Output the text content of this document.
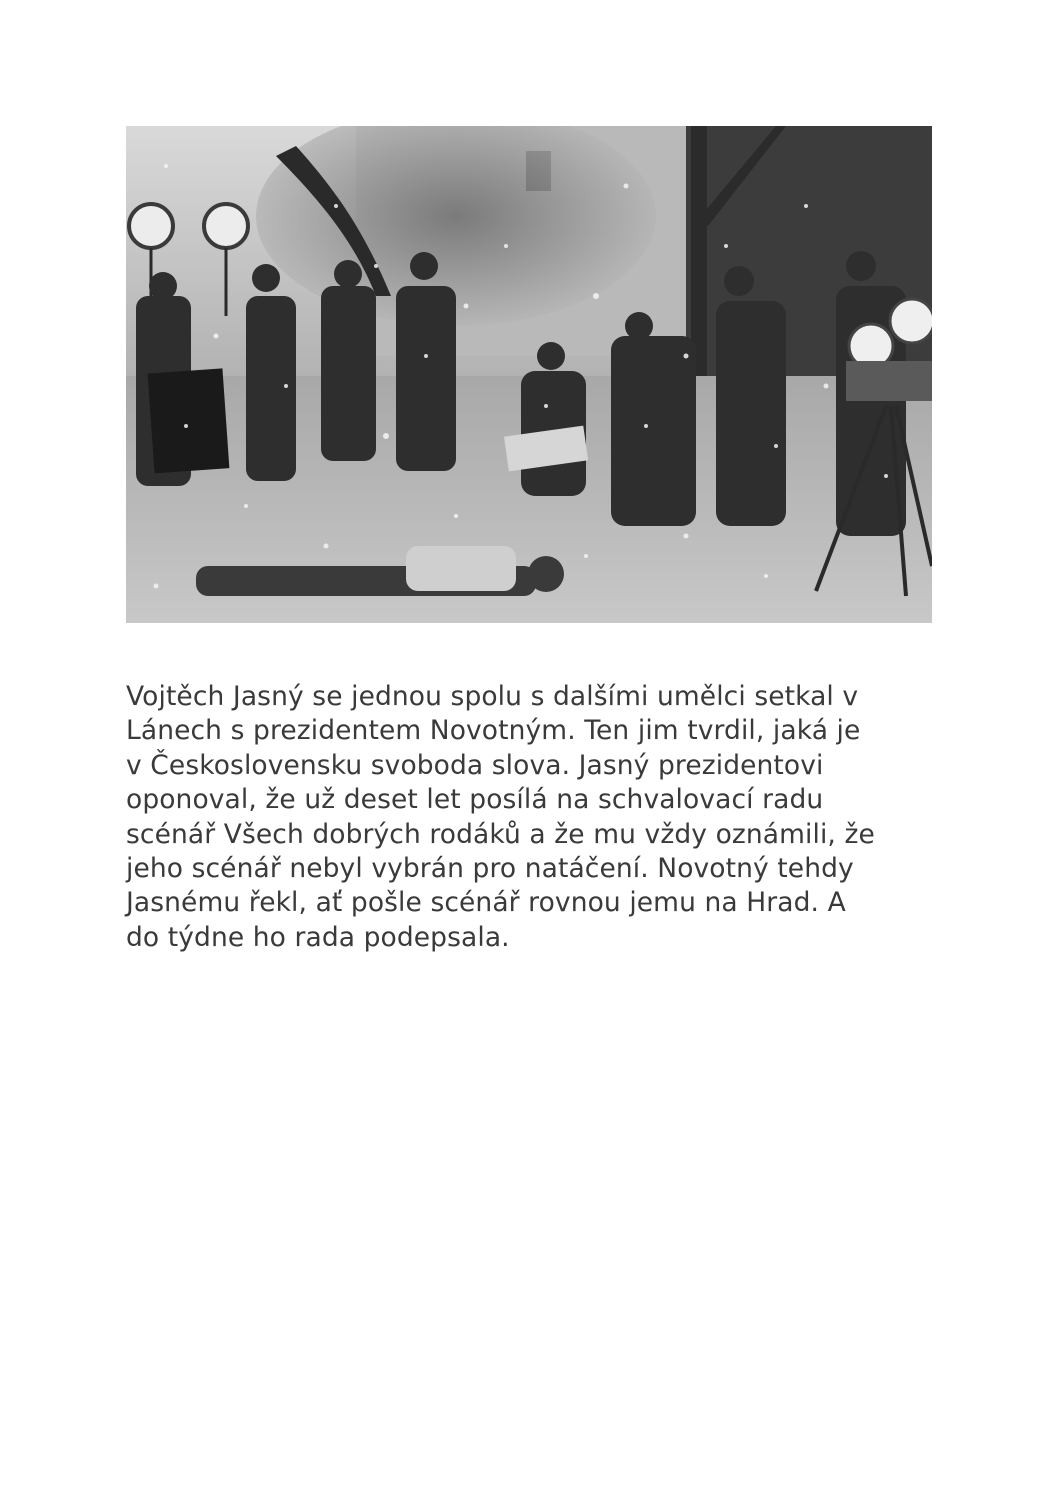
Vojtěch Jasný se jednou spolu s dalšími umělci setkal v
Lánech s prezidentem Novotným. Ten jim tvrdil, jaká je
v Československu svoboda slova. Jasný prezidentovi
oponoval, že už deset let posílá na schvalovací radu
scénář Všech dobrých rodáků a že mu vždy oznámili, že
jeho scénář nebyl vybrán pro natáčení. Novotný tehdy
Jasnému řekl, ať pošle scénář rovnou jemu na Hrad. A
do týdne ho rada podepsala.
